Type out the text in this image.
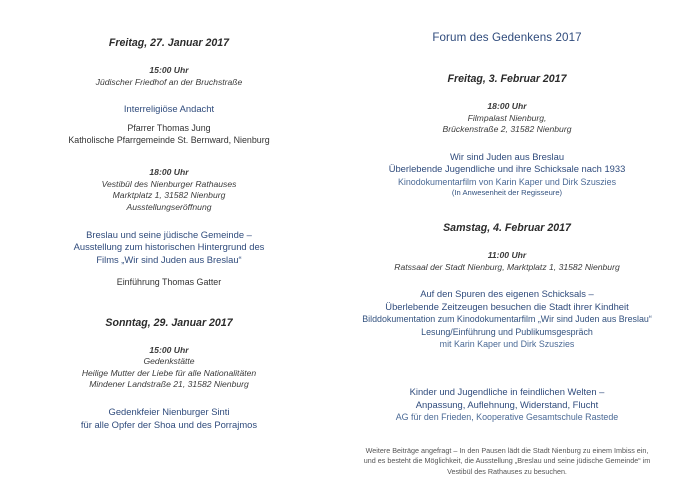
Freitag, 27. Januar 2017
15:00 Uhr
Jüdischer Friedhof an der Bruchstraße
Interreligiöse Andacht
Pfarrer Thomas Jung
Katholische Pfarrgemeinde St. Bernward, Nienburg
18:00 Uhr
Vestibül des Nienburger Rathauses
Marktplatz 1, 31582 Nienburg
Ausstellungseröffnung
Breslau und seine jüdische Gemeinde –
Ausstellung zum historischen Hintergrund des
Films „Wir sind Juden aus Breslau“
Einführung Thomas Gatter
Sonntag, 29. Januar 2017
15:00 Uhr
Gedenkstätte
Heilige Mutter der Liebe für alle Nationalitäten
Mindener Landstraße 21, 31582 Nienburg
Gedenkfeier Nienburger Sinti
für alle Opfer der Shoa und des Porrajmos
Forum des Gedenkens 2017
Freitag, 3. Februar 2017
18:00 Uhr
Filmpalast Nienburg,
Brückenstraße 2, 31582 Nienburg
Wir sind Juden aus Breslau
Überlebende Jugendliche und ihre Schicksale nach 1933
Kinodokumentarfilm von Karin Kaper und Dirk Szuszies
(In Anwesenheit der Regisseure)
Samstag, 4. Februar 2017
11:00 Uhr
Ratssaal der Stadt Nienburg, Marktplatz 1, 31582 Nienburg
Auf den Spuren des eigenen Schicksals –
Überlebende Zeitzeugen besuchen die Stadt ihrer Kindheit
Bilddokumentation zum Kinodokumentarfilm „Wir sind Juden aus Breslau“
Lesung/Einführung und Publikumsgespräch
mit Karin Kaper und Dirk Szuszies
Kinder und Jugendliche in feindlichen Welten –
Anpassung, Auflehnung, Widerstand, Flucht
AG für den Frieden, Kooperative Gesamtschule Rastede
Weitere Beiträge angefragt – In den Pausen lädt die Stadt Nienburg zu einem Imbiss ein,
und es besteht die Möglichkeit, die Ausstellung „Breslau und seine jüdische Gemeinde“ im
Vestibül des Rathauses zu besuchen.
